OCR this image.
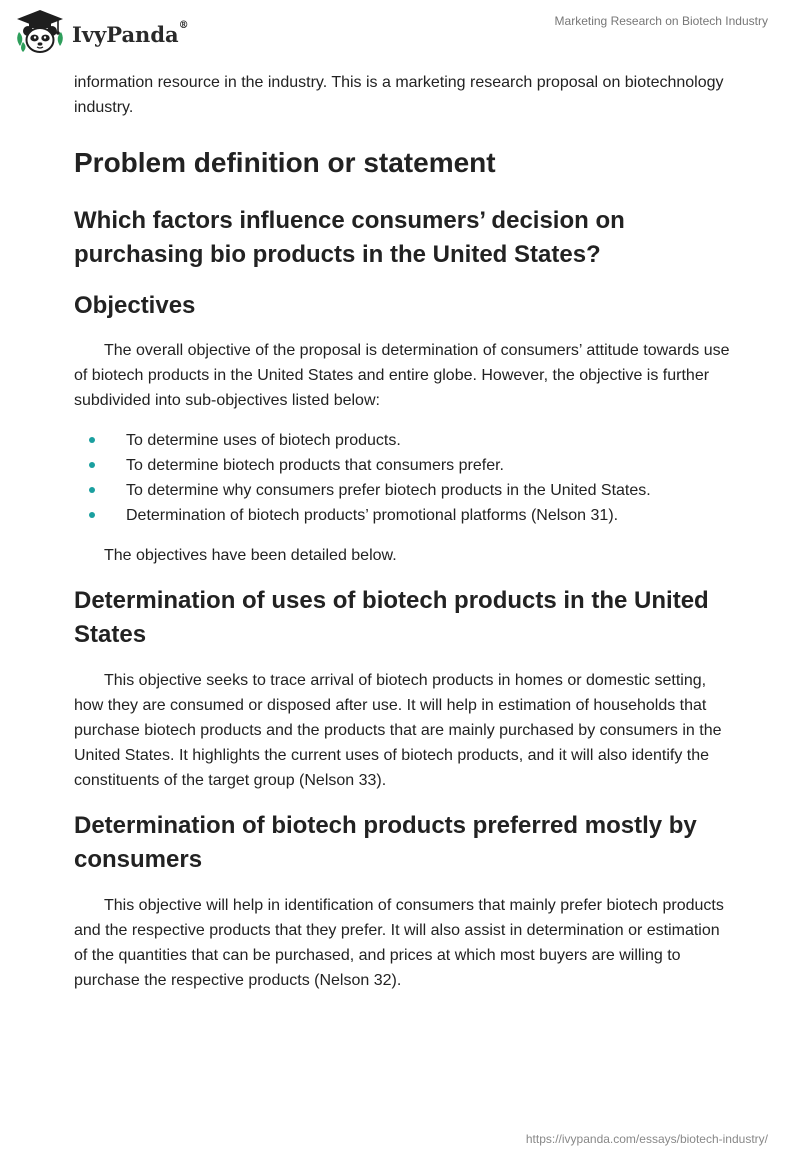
IvyPanda®	Marketing Research on Biotech Industry

information resource in the industry. This is a marketing research proposal on biotechnology industry.

Problem definition or statement
Which factors influence consumers’ decision on purchasing bio products in the United States?
Objectives

The overall objective of the proposal is determination of consumers’ attitude towards use of biotech products in the United States and entire globe. However, the objective is further subdivided into sub-objectives listed below:

To determine uses of biotech products.
To determine biotech products that consumers prefer.
To determine why consumers prefer biotech products in the United States.
Determination of biotech products’ promotional platforms (Nelson 31).

The objectives have been detailed below.

Determination of uses of biotech products in the United States

This objective seeks to trace arrival of biotech products in homes or domestic setting, how they are consumed or disposed after use. It will help in estimation of households that purchase biotech products and the products that are mainly purchased by consumers in the United States. It highlights the current uses of biotech products, and it will also identify the constituents of the target group (Nelson 33).

Determination of biotech products preferred mostly by consumers

This objective will help in identification of consumers that mainly prefer biotech products and the respective products that they prefer. It will also assist in determination or estimation of the quantities that can be purchased, and prices at which most buyers are willing to purchase the respective products (Nelson 32).

https://ivypanda.com/essays/biotech-industry/
